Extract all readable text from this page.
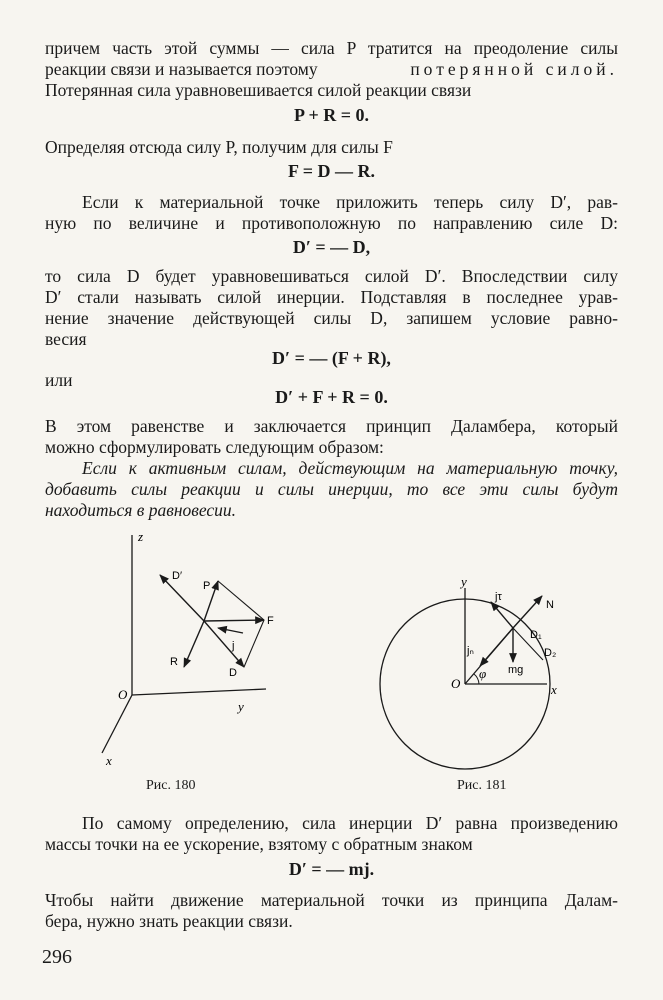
причем часть этой суммы — сила P тратится на преодоление силы
реакции связи и называется поэтому	потерянной силой.
Потерянная сила уравновешивается силой реакции связи
P + R = 0.
Определяя отсюда силу P, получим для силы F
F = D — R.
Если к материальной точке приложить теперь силу D′, рав-
ную по величине и противоположную по направлению силе D:
D′ = — D,
то сила D будет уравновешиваться силой D′. Впоследствии силу
D′ стали называть силой инерции. Подставляя в последнее урав-
нение значение действующей силы D, запишем условие равно-
весия
D′ = — (F + R),
или
D′ + F + R = 0.
В этом равенстве и заключается принцип Даламбера, который
можно сформулировать следующим образом:
Если к активным силам, действующим на материальную точку,
добавить силы реакции и силы инерции, то все эти силы будут
находиться в равновесии.
z
y
x
O
D′
P
F
R
j
D
Рис. 180
y
x
O
φ
jτ
N
D₁
D₂
jₙ
mg
Рис. 181
По самому определению, сила инерции D′ равна произведению
массы точки на ее ускорение, взятому с обратным знаком
D′ = — mj.
Чтобы найти движение материальной точки из принципа Далам-
бера, нужно знать реакции связи.
296
